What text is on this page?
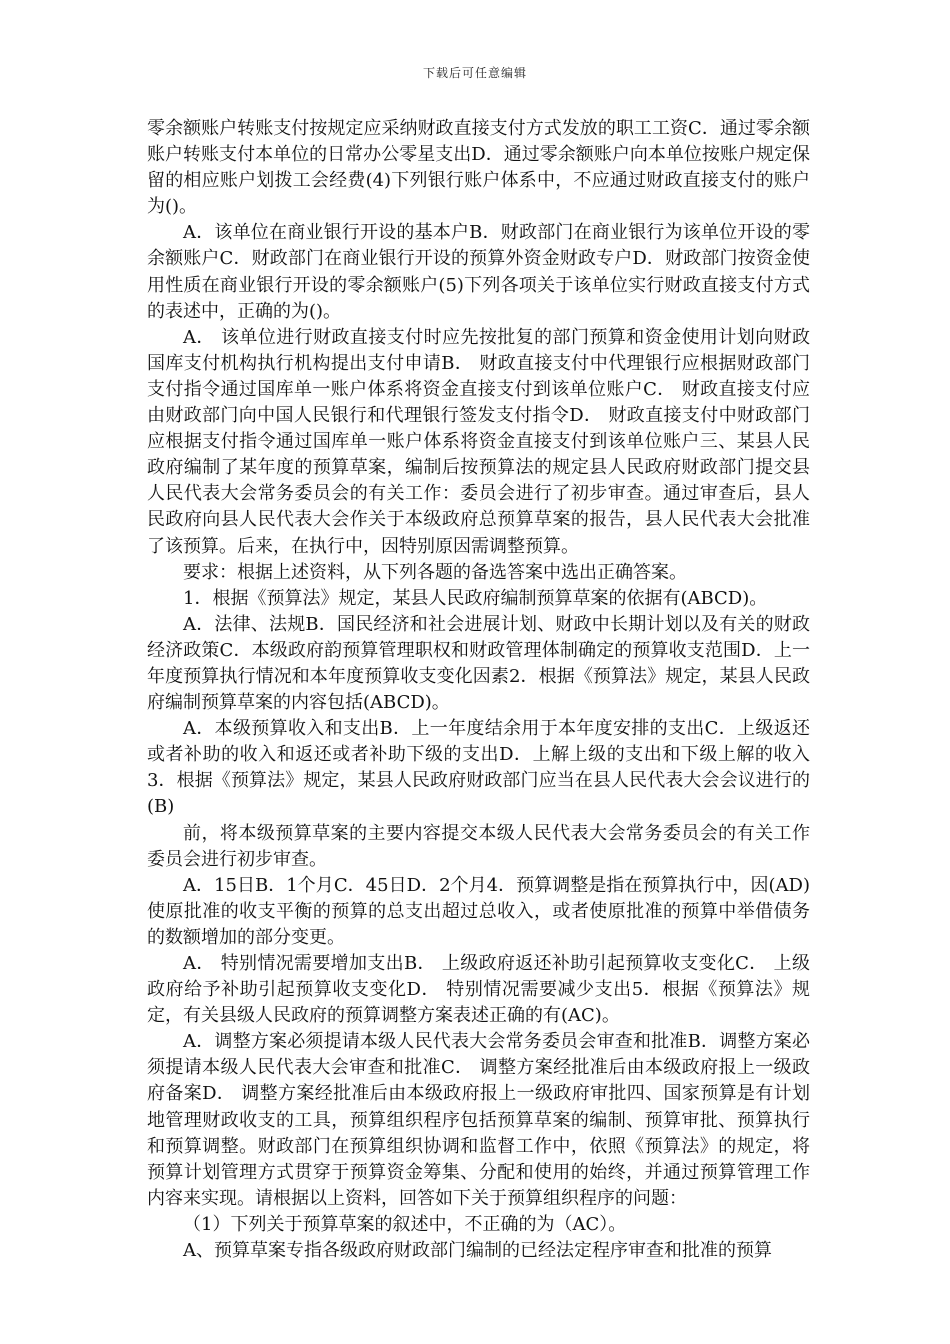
下载后可任意编辑

零余额账户转账支付按规定应采纳财政直接支付方式发放的职工工资C．通过零余额账户转账支付本单位的日常办公零星支出D．通过零余额账户向本单位按账户规定保留的相应账户划拨工会经费(4)下列银行账户体系中，不应通过财政直接支付的账户为()。

A．该单位在商业银行开设的基本户B．财政部门在商业银行为该单位开设的零余额账户C．财政部门在商业银行开设的预算外资金财政专户D．财政部门按资金使用性质在商业银行开设的零余额账户(5)下列各项关于该单位实行财政直接支付方式的表述中，正确的为()。

A． 该单位进行财政直接支付时应先按批复的部门预算和资金使用计划向财政国库支付机构执行机构提出支付申请B． 财政直接支付中代理银行应根据财政部门支付指令通过国库单一账户体系将资金直接支付到该单位账户C． 财政直接支付应由财政部门向中国人民银行和代理银行签发支付指令D． 财政直接支付中财政部门应根据支付指令通过国库单一账户体系将资金直接支付到该单位账户三、某县人民政府编制了某年度的预算草案，编制后按预算法的规定县人民政府财政部门提交县人民代表大会常务委员会的有关工作：委员会进行了初步审查。通过审查后，县人民政府向县人民代表大会作关于本级政府总预算草案的报告，县人民代表大会批准了该预算。后来，在执行中，因特别原因需调整预算。

要求：根据上述资料，从下列各题的备选答案中选出正确答案。

1．根据《预算法》规定，某县人民政府编制预算草案的依据有(ABCD)。

A．法律、法规B．国民经济和社会进展计划、财政中长期计划以及有关的财政经济政策C．本级政府韵预算管理职权和财政管理体制确定的预算收支范围D．上一年度预算执行情况和本年度预算收支变化因素2．根据《预算法》规定，某县人民政府编制预算草案的内容包括(ABCD)。

A．本级预算收入和支出B．上一年度结余用于本年度安排的支出C．上级返还或者补助的收入和返还或者补助下级的支出D．上解上级的支出和下级上解的收入3．根据《预算法》规定，某县人民政府财政部门应当在县人民代表大会会议进行的(B)

前，将本级预算草案的主要内容提交本级人民代表大会常务委员会的有关工作委员会进行初步审查。

A．15日B．1个月C．45日D．2个月4．预算调整是指在预算执行中，因(AD)使原批准的收支平衡的预算的总支出超过总收入，或者使原批准的预算中举借债务的数额增加的部分变更。

A． 特别情况需要增加支出B． 上级政府返还补助引起预算收支变化C． 上级政府给予补助引起预算收支变化D． 特别情况需要减少支出5．根据《预算法》规定，有关县级人民政府的预算调整方案表述正确的有(AC)。

A．调整方案必须提请本级人民代表大会常务委员会审查和批准B．调整方案必须提请本级人民代表大会审查和批准C． 调整方案经批准后由本级政府报上一级政府备案D． 调整方案经批准后由本级政府报上一级政府审批四、国家预算是有计划地管理财政收支的工具，预算组织程序包括预算草案的编制、预算审批、预算执行和预算调整。财政部门在预算组织协调和监督工作中，依照《预算法》的规定，将预算计划管理方式贯穿于预算资金筹集、分配和使用的始终，并通过预算管理工作内容来实现。请根据以上资料，回答如下关于预算组织程序的问题：

（1）下列关于预算草案的叙述中，不正确的为（AC）。

A、预算草案专指各级政府财政部门编制的已经法定程序审查和批准的预算
